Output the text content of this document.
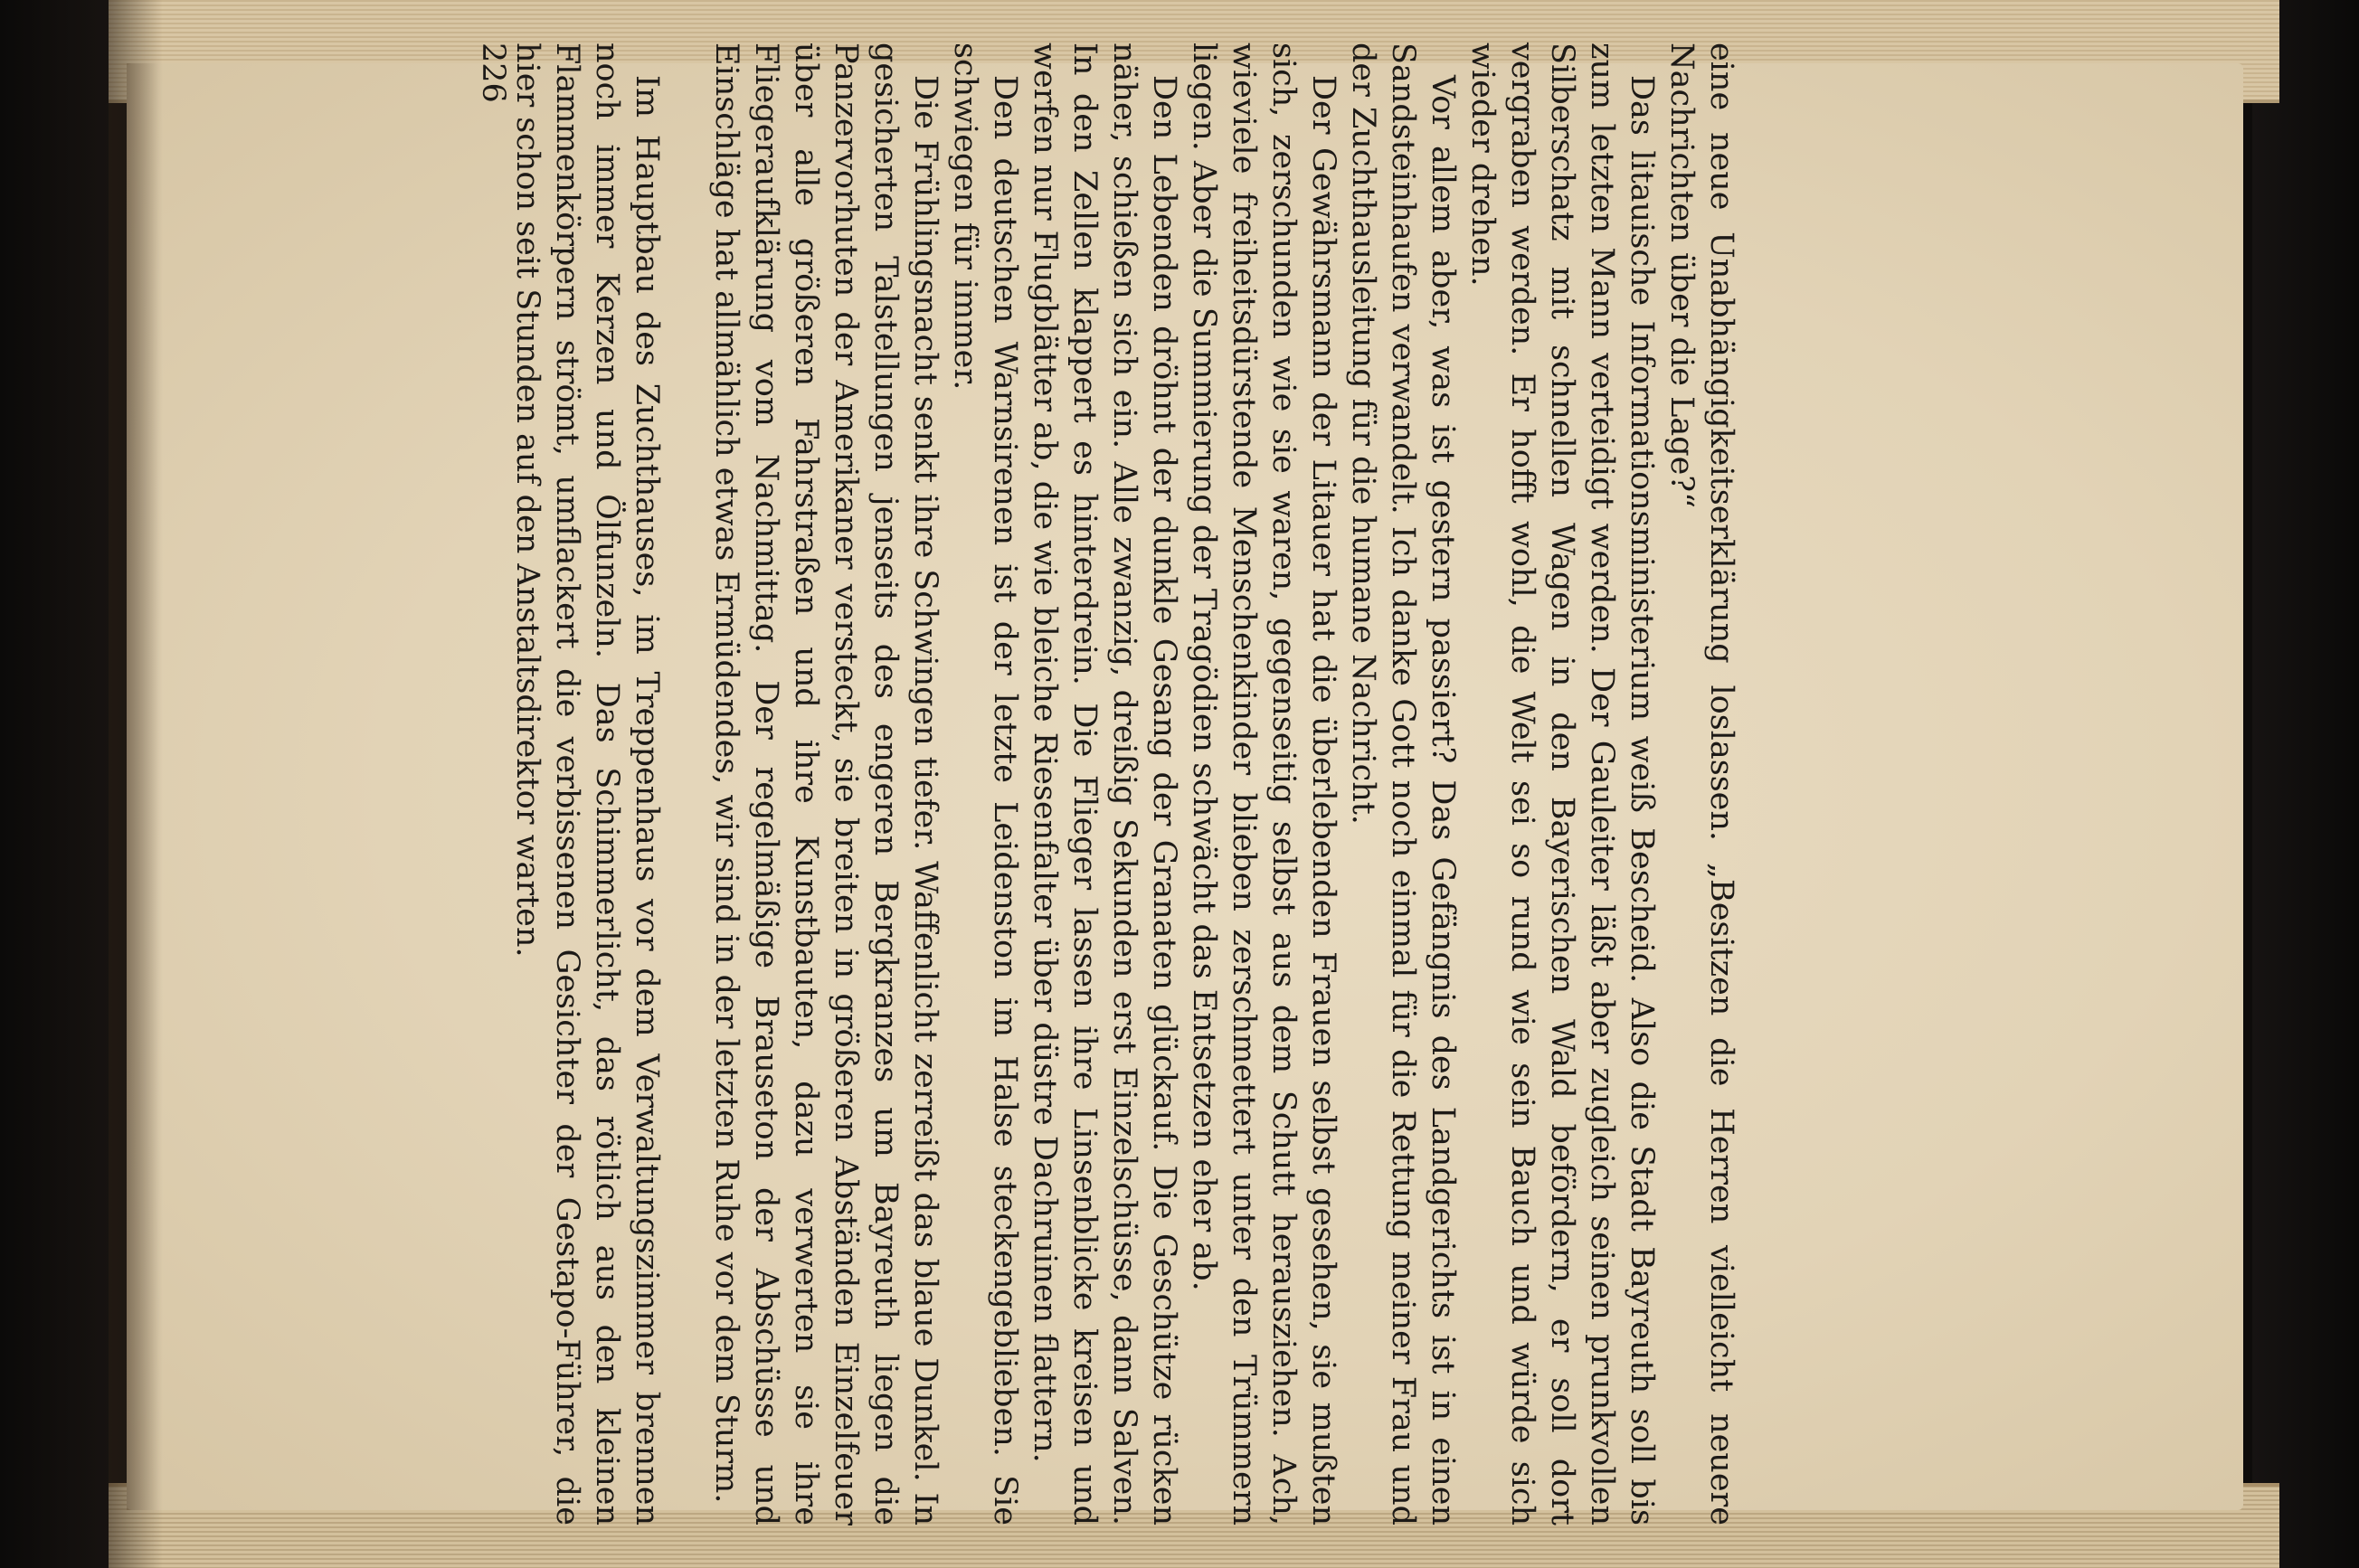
eine neue Unabhängigkeitserklärung loslassen. „Besitzen die Herren vielleicht neuere Nachrichten über die Lage?“

Das litauische Informationsministerium weiß Bescheid. Also die Stadt Bayreuth soll bis zum letzten Mann verteidigt werden. Der Gauleiter läßt aber zugleich seinen prunkvollen Silberschatz mit schnellen Wagen in den Bayerischen Wald befördern, er soll dort vergraben werden. Er hofft wohl, die Welt sei so rund wie sein Bauch und würde sich wieder drehen.

Vor allem aber, was ist gestern passiert? Das Gefängnis des Landgerichts ist in einen Sandsteinhaufen verwandelt. Ich danke Gott noch einmal für die Rettung meiner Frau und der Zuchthausleitung für die humane Nachricht.

Der Gewährsmann der Litauer hat die überlebenden Frauen selbst gesehen, sie mußten sich, zerschunden wie sie waren, gegenseitig selbst aus dem Schutt herausziehen. Ach, wieviele freiheitsdürstende Menschenkinder blieben zerschmettert unter den Trümmern liegen. Aber die Summierung der Tragödien schwächt das Entsetzen eher ab.

Den Lebenden dröhnt der dunkle Gesang der Granaten glückauf. Die Geschütze rücken näher, schießen sich ein. Alle zwanzig, dreißig Sekunden erst Einzelschüsse, dann Salven. In den Zellen klappert es hinterdrein. Die Flieger lassen ihre Linsenblicke kreisen und werfen nur Flugblätter ab, die wie bleiche Riesenfalter über düstre Dachruinen flattern.

Den deutschen Warnsirenen ist der letzte Leidenston im Halse steckengeblieben. Sie schwiegen für immer.

Die Frühlingsnacht senkt ihre Schwingen tiefer. Waffenlicht zerreißt das blaue Dunkel. In gesicherten Talstellungen jenseits des engeren Bergkranzes um Bayreuth liegen die Panzervorhuten der Amerikaner versteckt, sie breiten in größeren Abständen Einzelfeuer über alle größeren Fahrstraßen und ihre Kunstbauten, dazu verwerten sie ihre Fliegeraufklärung vom Nachmittag. Der regelmäßige Brauseton der Abschüsse und Einschläge hat allmählich etwas Ermüdendes, wir sind in der letzten Ruhe vor dem Sturm.

Im Hauptbau des Zuchthauses, im Treppenhaus vor dem Verwaltungszimmer brennen noch immer Kerzen und Ölfunzeln. Das Schimmerlicht, das rötlich aus den kleinen Flammenkörpern strömt, umflackert die verbissenen Gesichter der Gestapo-Führer, die hier schon seit Stunden auf den Anstaltsdirektor warten.

226
